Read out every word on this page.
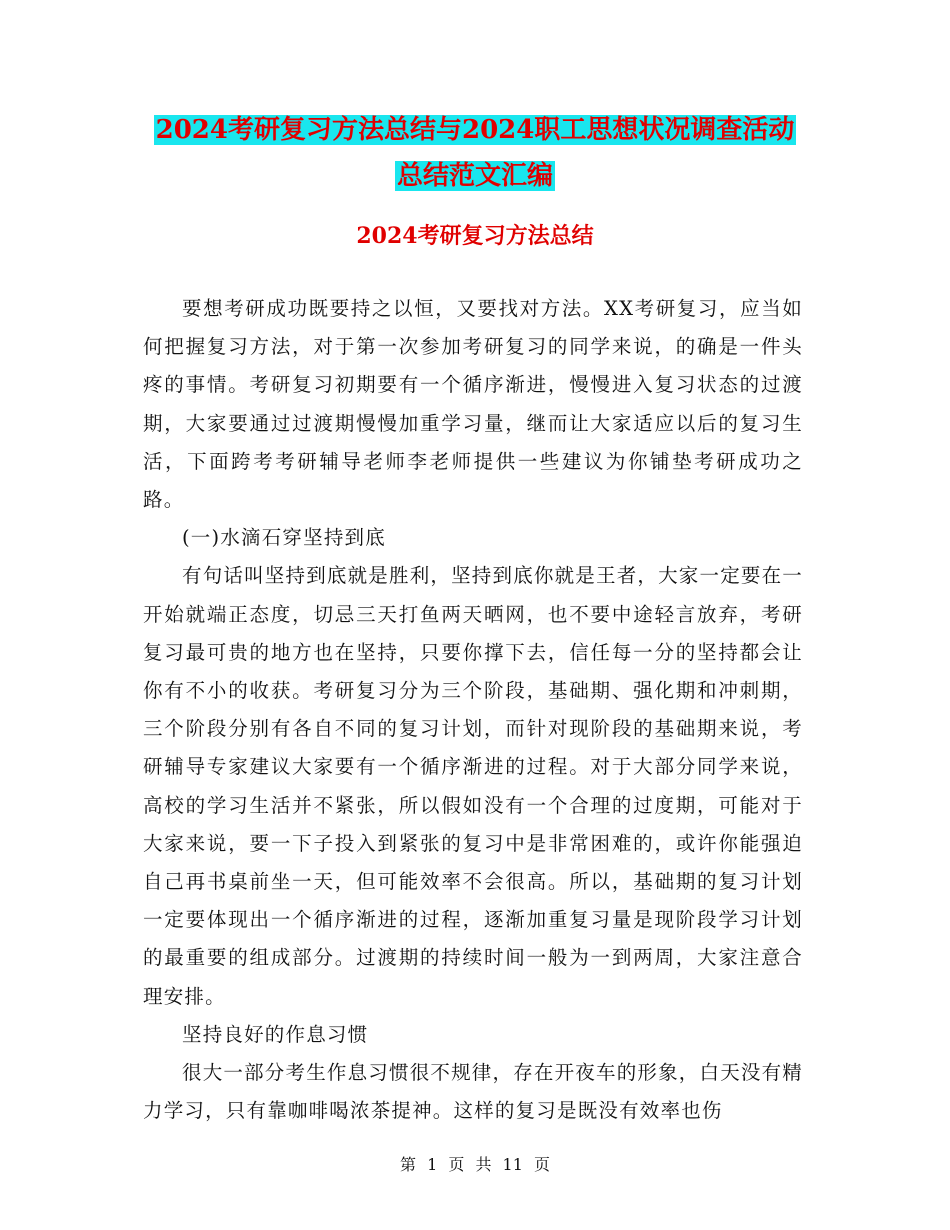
2024考研复习方法总结与2024职工思想状况调查活动
总结范文汇编
2024考研复习方法总结

要想考研成功既要持之以恒，又要找对方法。XX考研复习，应当如何把握复习方法，对于第一次参加考研复习的同学来说，的确是一件头疼的事情。考研复习初期要有一个循序渐进，慢慢进入复习状态的过渡期，大家要通过过渡期慢慢加重学习量，继而让大家适应以后的复习生活，下面跨考考研辅导老师李老师提供一些建议为你铺垫考研成功之路。

(一)水滴石穿坚持到底

有句话叫坚持到底就是胜利，坚持到底你就是王者，大家一定要在一开始就端正态度，切忌三天打鱼两天晒网，也不要中途轻言放弃，考研复习最可贵的地方也在坚持，只要你撑下去，信任每一分的坚持都会让你有不小的收获。考研复习分为三个阶段，基础期、强化期和冲刺期，三个阶段分别有各自不同的复习计划，而针对现阶段的基础期来说，考研辅导专家建议大家要有一个循序渐进的过程。对于大部分同学来说，高校的学习生活并不紧张，所以假如没有一个合理的过度期，可能对于大家来说，要一下子投入到紧张的复习中是非常困难的，或许你能强迫自己再书桌前坐一天，但可能效率不会很高。所以，基础期的复习计划一定要体现出一个循序渐进的过程，逐渐加重复习量是现阶段学习计划的最重要的组成部分。过渡期的持续时间一般为一到两周，大家注意合理安排。

坚持良好的作息习惯

很大一部分考生作息习惯很不规律，存在开夜车的形象，白天没有精力学习，只有靠咖啡喝浓茶提神。这样的复习是既没有效率也伤

第 1 页 共 11 页
